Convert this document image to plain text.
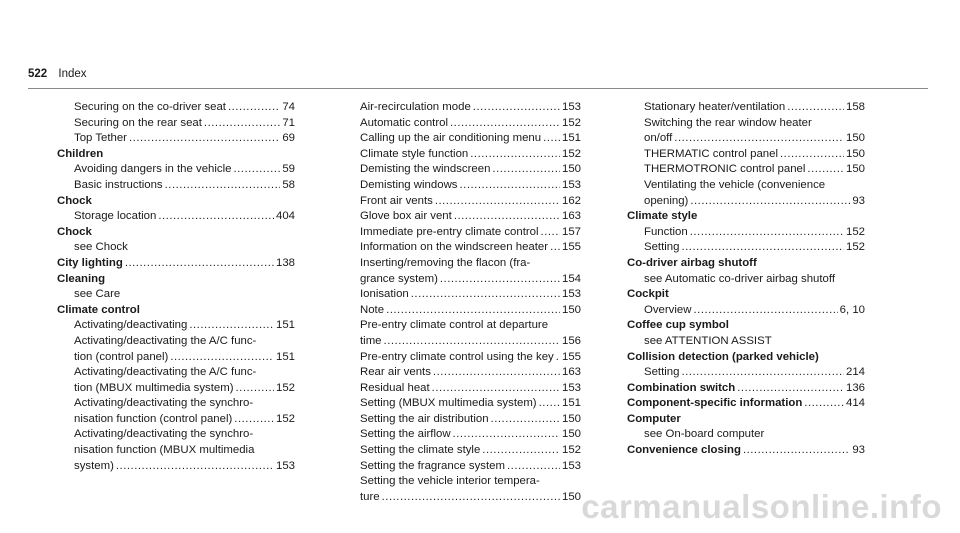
522 Index
Securing on the co-driver seat .....	74
Securing on the rear seat .....	71
Top Tether .....	69
Children
Avoiding dangers in the vehicle .....	59
Basic instructions .....	58
Chock
Storage location .....	404
Chock
see Chock
City lighting .....	138
Cleaning
see Care
Climate control
Activating/deactivating .....	151
Activating/deactivating the A/C func-
tion (control panel) .....	151
Activating/deactivating the A/C func-
tion (MBUX multimedia system) .....	152
Activating/deactivating the synchro-
nisation function (control panel) .....	152
Activating/deactivating the synchro-
nisation function (MBUX multimedia
system) .....	153
Air-recirculation mode .....	153
Automatic control .....	152
Calling up the air conditioning menu ..... 151
Climate style function .....	152
Demisting the windscreen .....	150
Demisting windows .....	153
Front air vents .....	162
Glove box air vent .....	163
Immediate pre-entry climate control ..... 157
Information on the windscreen heater ..... 155
Inserting/removing the flacon (fra-
grance system) .....	154
Ionisation .....	153
Note .....	150
Pre-entry climate control at departure
time .....	156
Pre-entry climate control using the key ..... 155
Rear air vents .....	163
Residual heat .....	153
Setting (MBUX multimedia system) ..... 151
Setting the air distribution .....	150
Setting the airflow .....	150
Setting the climate style .....	152
Setting the fragrance system .....	153
Setting the vehicle interior tempera-
ture .....	150
Stationary heater/ventilation .....	158
Switching the rear window heater
on/off .....	150
THERMATIC control panel .....	150
THERMOTRONIC control panel .....	150
Ventilating the vehicle (convenience
opening) .....	93
Climate style
Function .....	152
Setting .....	152
Co-driver airbag shutoff
see Automatic co-driver airbag shutoff
Cockpit
Overview .....	6, 10
Coffee cup symbol
see ATTENTION ASSIST
Collision detection (parked vehicle)
Setting .....	214
Combination switch .....	136
Component-specific information .....	414
Computer
see On-board computer
Convenience closing .....	93
carmanualsonline.info
